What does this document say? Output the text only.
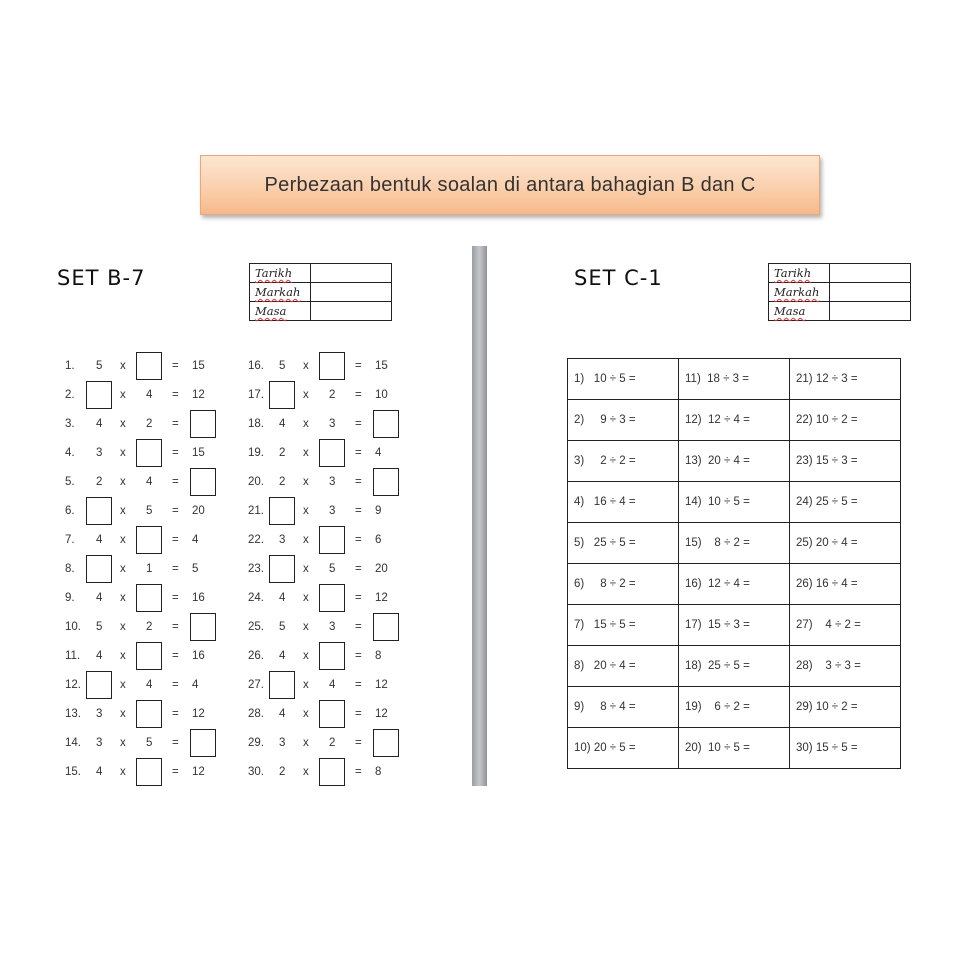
Perbezaan bentuk soalan di antara bahagian B dan C
SET B-7	Tarikh	
Markah	
Masa	
1. 5 x	= 15
2.	x 4 = 12
3. 4 x 2 =
4. 3 x	= 15
5. 2 x 4 =
6.	x 5 = 20
7. 4 x	= 4
8.	x 1 = 5
9. 4 x	= 16
10. 5 x 2 =
11. 4 x	= 16
12.	x 4 = 4
13. 3 x	= 12
14. 3 x 5 =
15. 4 x	= 12
16. 5 x	= 15
17.	x 2 = 10
18. 4 x 3 =
19. 2 x	= 4
20. 2 x 3 =
21.	x 3 = 9
22. 3 x	= 6
23.	x 5 = 20
24. 4 x	= 12
25. 5 x 3 =
26. 4 x	= 8
27.	x 4 = 12
28. 4 x	= 12
29. 3 x 2 =
30. 2 x	= 8
SET C-1	Tarikh	
Markah	
Masa	
1)   10 ÷ 5 =	11)  18 ÷ 3 =	21) 12 ÷ 3 =
2)     9 ÷ 3 =	12)  12 ÷ 4 =	22) 10 ÷ 2 =
3)     2 ÷ 2 =	13)  20 ÷ 4 =	23) 15 ÷ 3 =
4)   16 ÷ 4 =	14)  10 ÷ 5 =	24) 25 ÷ 5 =
5)   25 ÷ 5 =	15)    8 ÷ 2 =	25) 20 ÷ 4 =
6)     8 ÷ 2 =	16)  12 ÷ 4 =	26) 16 ÷ 4 =
7)   15 ÷ 5 =	17)  15 ÷ 3 =	27)    4 ÷ 2 =
8)   20 ÷ 4 =	18)  25 ÷ 5 =	28)    3 ÷ 3 =
9)     8 ÷ 4 =	19)    6 ÷ 2 =	29) 10 ÷ 2 =
10) 20 ÷ 5 =	20)  10 ÷ 5 =	30) 15 ÷ 5 =
